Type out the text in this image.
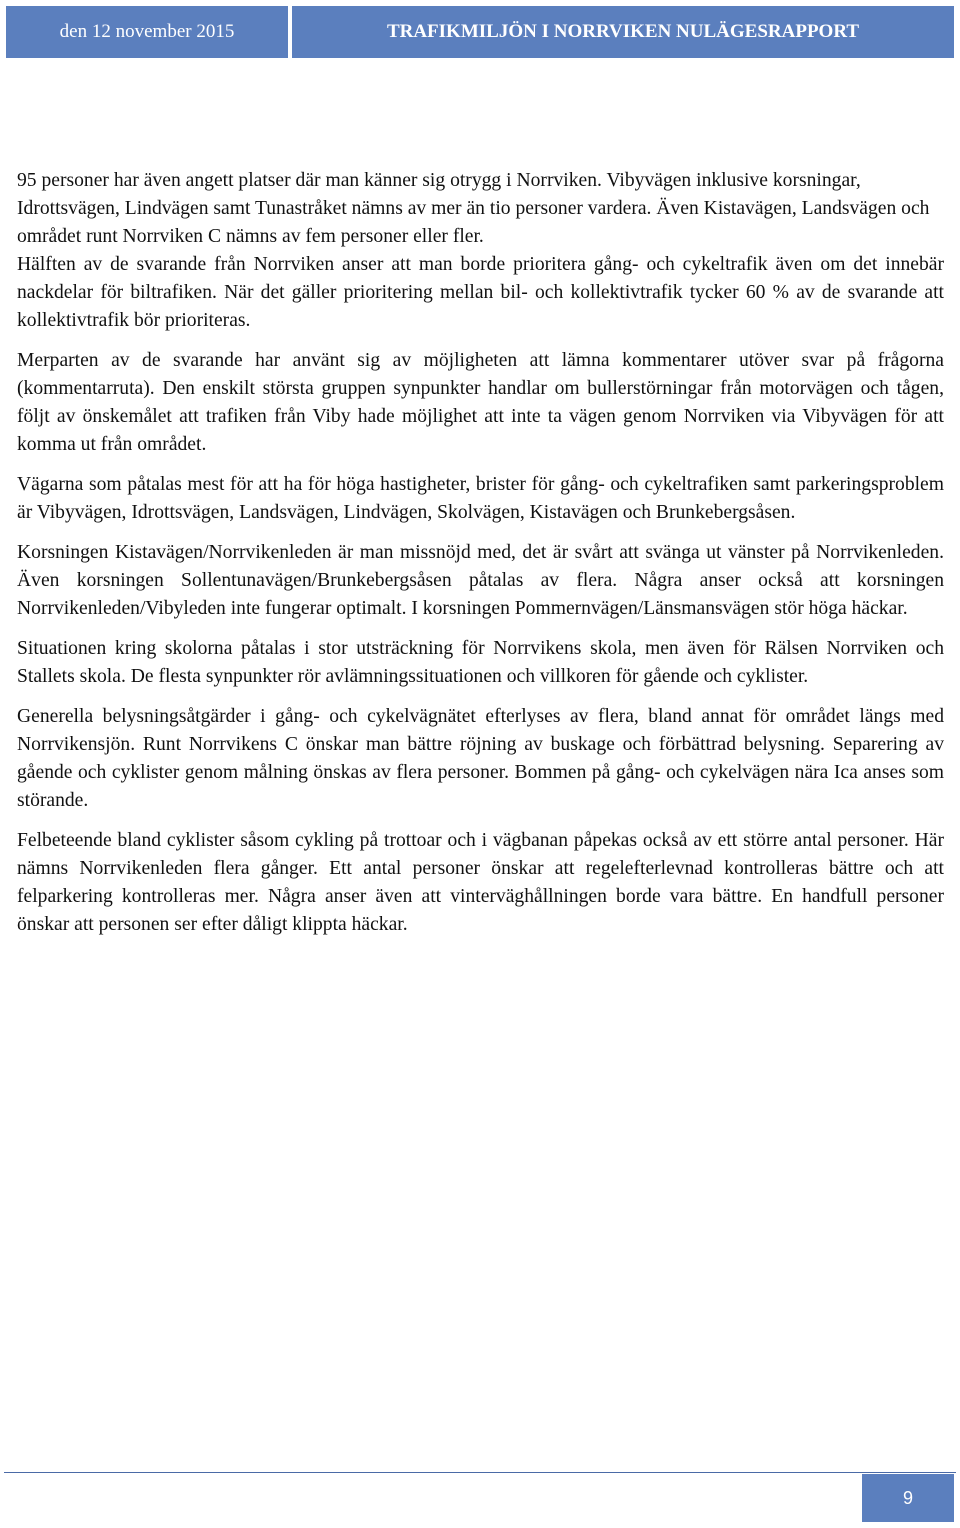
den 12 november 2015	TRAFIKMILJÖN I NORRVIKEN NULÄGESRAPPORT

95 personer har även angett platser där man känner sig otrygg i Norrviken. Vibyvägen inklusive korsningar, Idrottsvägen, Lindvägen samt Tunastråket nämns av mer än tio personer vardera. Även Kistavägen, Landsvägen och området runt Norrviken C nämns av fem personer eller fler.

Hälften av de svarande från Norrviken anser att man borde prioritera gång- och cykeltrafik även om det innebär nackdelar för biltrafiken. När det gäller prioritering mellan bil- och kollektivtrafik tycker 60 % av de svarande att kollektivtrafik bör prioriteras.

Merparten av de svarande har använt sig av möjligheten att lämna kommentarer utöver svar på frågorna (kommentarruta). Den enskilt största gruppen synpunkter handlar om bullerstörningar från motorvägen och tågen, följt av önskemålet att trafiken från Viby hade möjlighet att inte ta vägen genom Norrviken via Vibyvägen för att komma ut från området.

Vägarna som påtalas mest för att ha för höga hastigheter, brister för gång- och cykeltrafiken samt parkeringsproblem är Vibyvägen, Idrottsvägen, Landsvägen, Lindvägen, Skolvägen, Kistavägen och Brunkebergsåsen.

Korsningen Kistavägen/Norrvikenleden är man missnöjd med, det är svårt att svänga ut vänster på Norrvikenleden. Även korsningen Sollentunavägen/Brunkebergsåsen påtalas av flera. Några anser också att korsningen Norrvikenleden/Vibyleden inte fungerar optimalt. I korsningen Pommernvägen/Länsmansvägen stör höga häckar.

Situationen kring skolorna påtalas i stor utsträckning för Norrvikens skola, men även för Rälsen Norrviken och Stallets skola. De flesta synpunkter rör avlämningssituationen och villkoren för gående och cyklister.

Generella belysningsåtgärder i gång- och cykelvägnätet efterlyses av flera, bland annat för området längs med Norrvikensjön. Runt Norrvikens C önskar man bättre röjning av buskage och förbättrad belysning. Separering av gående och cyklister genom målning önskas av flera personer. Bommen på gång- och cykelvägen nära Ica anses som störande.

Felbeteende bland cyklister såsom cykling på trottoar och i vägbanan påpekas också av ett större antal personer. Här nämns Norrvikenleden flera gånger. Ett antal personer önskar att regelefterlevnad kontrolleras bättre och att felparkering kontrolleras mer. Några anser även att vinterväghållningen borde vara bättre. En handfull personer önskar att personen ser efter dåligt klippta häckar.

9
